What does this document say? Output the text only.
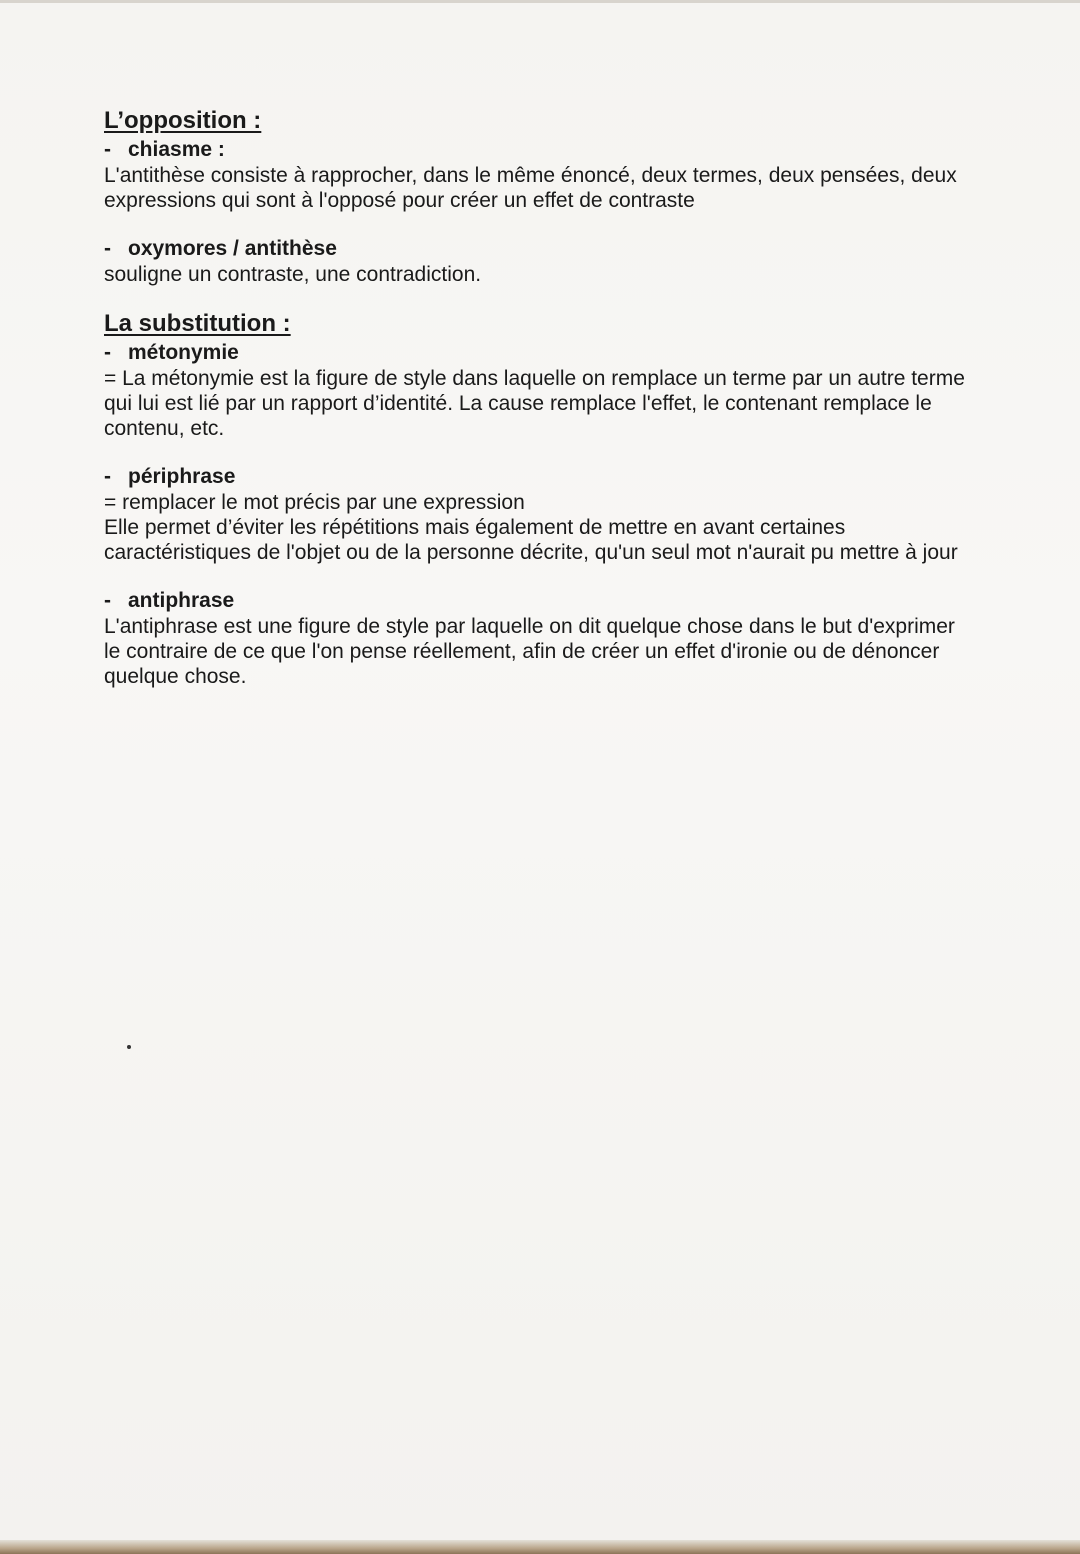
L’opposition :

- chiasme :

L'antithèse consiste à rapprocher, dans le même énoncé, deux termes, deux pensées, deux expressions qui sont à l'opposé pour créer un effet de contraste

- oxymores / antithèse

souligne un contraste, une contradiction.

La substitution :

- métonymie

= La métonymie est la figure de style dans laquelle on remplace un terme par un autre terme qui lui est lié par un rapport d’identité. La cause remplace l'effet, le contenant remplace le contenu, etc.

- périphrase

= remplacer le mot précis par une expression

Elle permet d’éviter les répétitions mais également de mettre en avant certaines caractéristiques de l'objet ou de la personne décrite, qu'un seul mot n'aurait pu mettre à jour

- antiphrase

L'antiphrase est une figure de style par laquelle on dit quelque chose dans le but d'exprimer le contraire de ce que l'on pense réellement, afin de créer un effet d'ironie ou de dénoncer quelque chose.
